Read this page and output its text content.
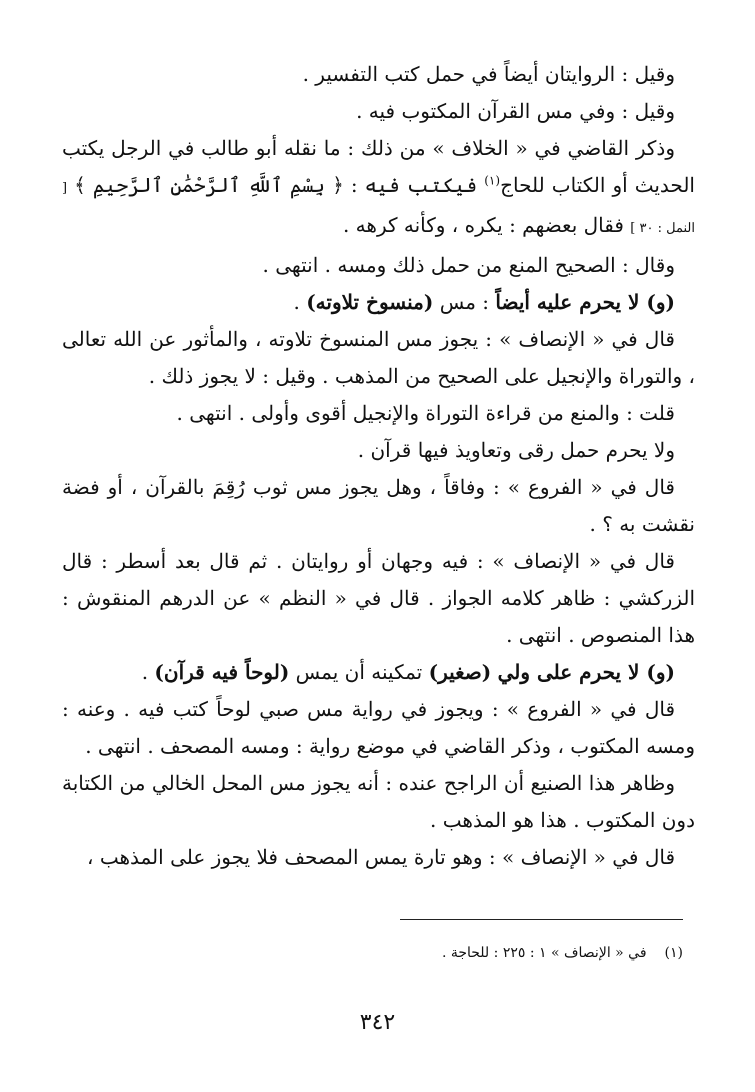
وقيل : الروايتان أيضاً في حمل كتب التفسير .

وقيل : وفي مس القرآن المكتوب فيه .

وذكر القاضي في « الخلاف » من ذلك : ما نقله أبو طالب في الرجل يكتب الحديث أو الكتاب للحاج$^{(١)}$ فيكتب فيه : ﴿ بِسْمِ ٱللَّهِ ٱلرَّحْمَٰنِ ٱلرَّحِيمِ ﴾ [ النمل : ٣٠ ] فقال بعضهم : يكره ، وكأنه كرهه .

وقال : الصحيح المنع من حمل ذلك ومسه . انتهى .

(و) لا يحرم عليه أيضاً : مس (منسوخ تلاوته) .

قال في « الإنصاف » : يجوز مس المنسوخ تلاوته ، والمأثور عن الله تعالى ، والتوراة والإنجيل على الصحيح من المذهب . وقيل : لا يجوز ذلك .

قلت : والمنع من قراءة التوراة والإنجيل أقوى وأولى . انتهى .

ولا يحرم حمل رقى وتعاويذ فيها قرآن .

قال في « الفروع » : وفاقاً ، وهل يجوز مس ثوب رُقِمَ بالقرآن ، أو فضة نقشت به ؟ .

قال في « الإنصاف » : فيه وجهان أو روايتان . ثم قال بعد أسطر : قال الزركشي : ظاهر كلامه الجواز . قال في « النظم » عن الدرهم المنقوش : هذا المنصوص . انتهى .

(و) لا يحرم على ولي (صغير) تمكينه أن يمس (لوحاً فيه قرآن) .

قال في « الفروع » : ويجوز في رواية مس صبي لوحاً كتب فيه . وعنه : ومسه المكتوب ، وذكر القاضي في موضع رواية : ومسه المصحف . انتهى .

وظاهر هذا الصنيع أن الراجح عنده : أنه يجوز مس المحل الخالي من الكتابة دون المكتوب . هذا هو المذهب .

قال في « الإنصاف » : وهو تارة يمس المصحف فلا يجوز على المذهب ،

(١)في « الإنصاف » ١ : ٢٢٥ : للحاجة .
٣٤٢
